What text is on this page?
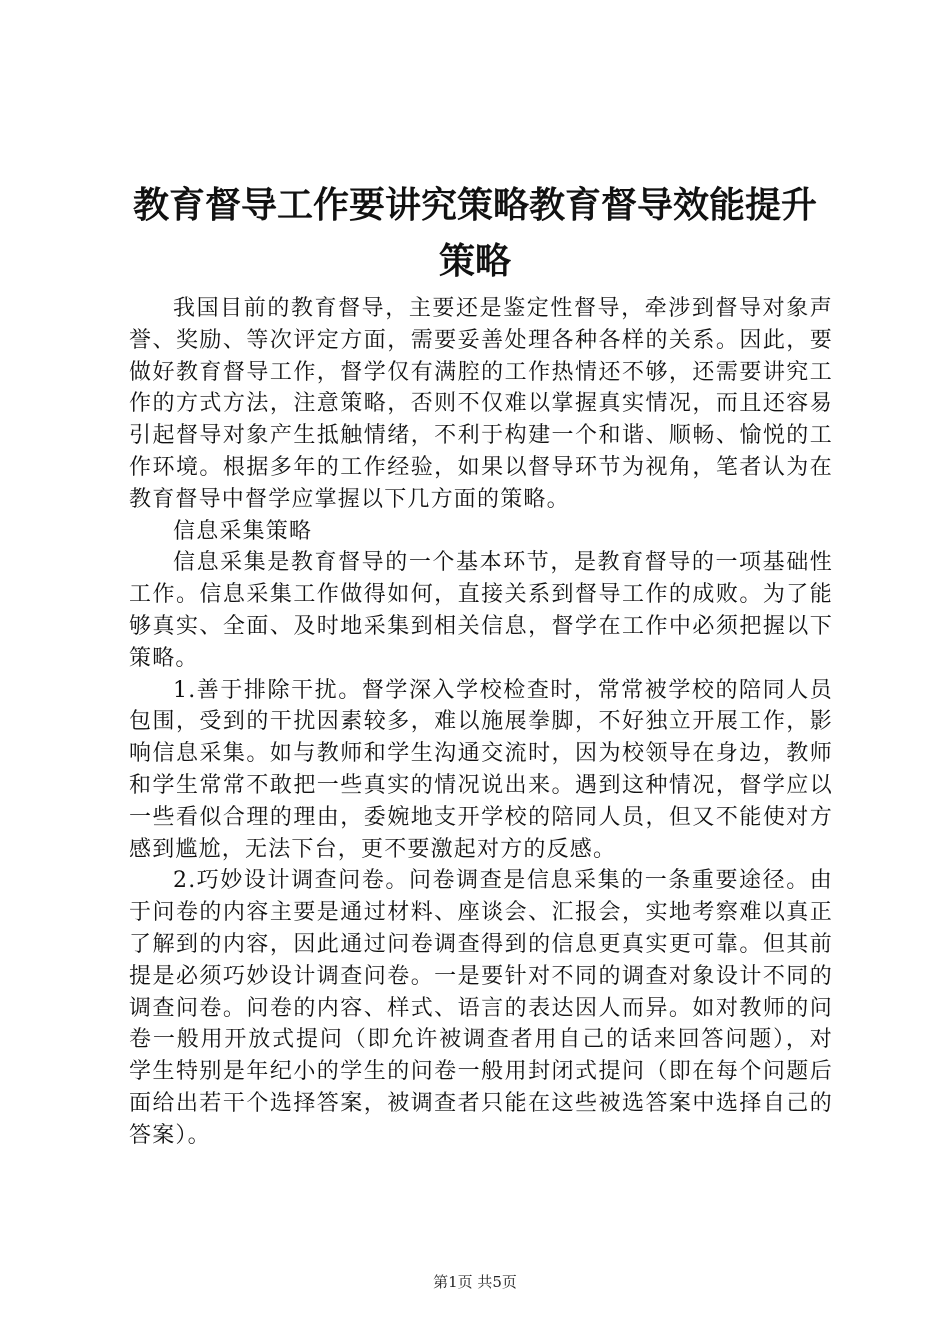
教育督导工作要讲究策略教育督导效能提升策略

我国目前的教育督导，主要还是鉴定性督导，牵涉到督导对象声誉、奖励、等次评定方面，需要妥善处理各种各样的关系。因此，要做好教育督导工作，督学仅有满腔的工作热情还不够，还需要讲究工作的方式方法，注意策略，否则不仅难以掌握真实情况，而且还容易引起督导对象产生抵触情绪，不利于构建一个和谐、顺畅、愉悦的工作环境。根据多年的工作经验，如果以督导环节为视角，笔者认为在教育督导中督学应掌握以下几方面的策略。

信息采集策略

信息采集是教育督导的一个基本环节，是教育督导的一项基础性工作。信息采集工作做得如何，直接关系到督导工作的成败。为了能够真实、全面、及时地采集到相关信息，督学在工作中必须把握以下策略。

1.善于排除干扰。督学深入学校检查时，常常被学校的陪同人员包围，受到的干扰因素较多，难以施展拳脚，不好独立开展工作，影响信息采集。如与教师和学生沟通交流时，因为校领导在身边，教师和学生常常不敢把一些真实的情况说出来。遇到这种情况，督学应以一些看似合理的理由，委婉地支开学校的陪同人员，但又不能使对方感到尴尬，无法下台，更不要激起对方的反感。

2.巧妙设计调查问卷。问卷调查是信息采集的一条重要途径。由于问卷的内容主要是通过材料、座谈会、汇报会，实地考察难以真正了解到的内容，因此通过问卷调查得到的信息更真实更可靠。但其前提是必须巧妙设计调查问卷。一是要针对不同的调查对象设计不同的调查问卷。问卷的内容、样式、语言的表达因人而异。如对教师的问卷一般用开放式提问（即允许被调查者用自己的话来回答问题），对学生特别是年纪小的学生的问卷一般用封闭式提问（即在每个问题后面给出若干个选择答案，被调查者只能在这些被选答案中选择自己的答案）。

第1页 共5页
